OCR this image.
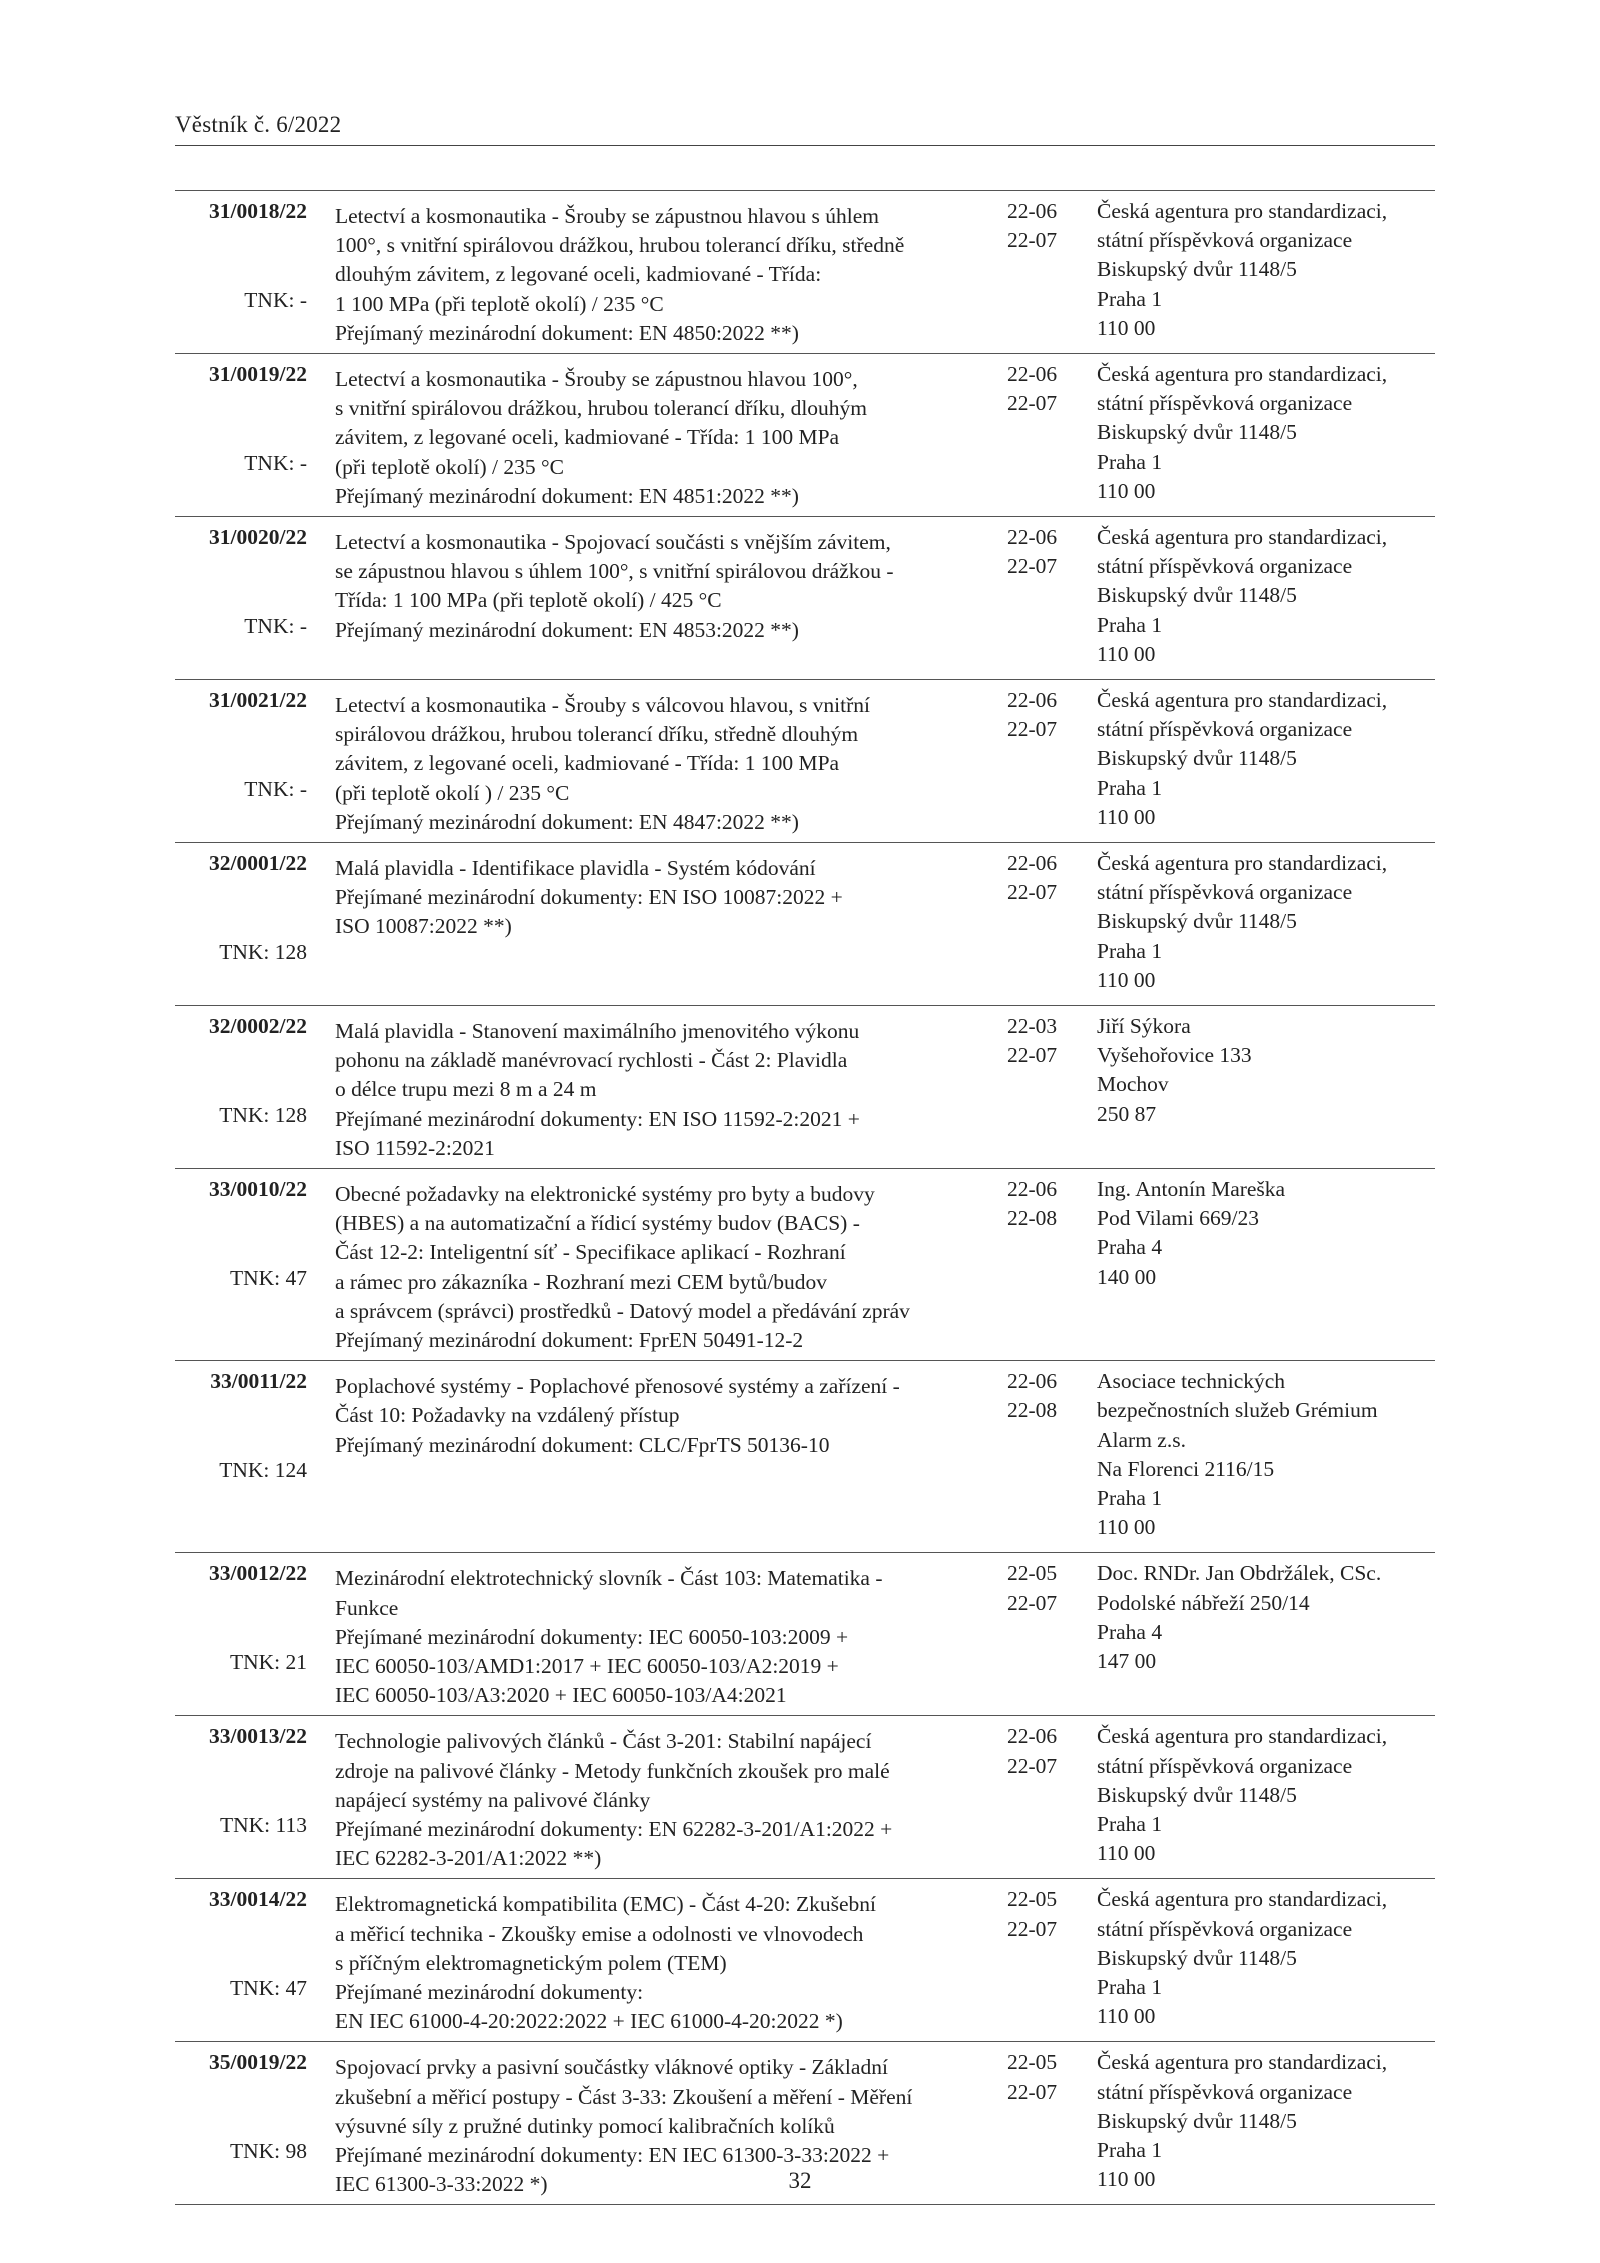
Věstník č. 6/2022
31/0018/22
TNK: -
Letectví a kosmonautika - Šrouby se zápustnou hlavou s úhlem
100°, s vnitřní spirálovou drážkou, hrubou tolerancí dříku, středně
dlouhým závitem, z legované oceli, kadmiované - Třída:
1 100 MPa (při teplotě okolí) / 235 °C
Přejímaný mezinárodní dokument: EN 4850:2022 **)
22-06
22-07
Česká agentura pro standardizaci,
státní příspěvková organizace
Biskupský dvůr 1148/5
Praha 1
110 00
31/0019/22
TNK: -
Letectví a kosmonautika - Šrouby se zápustnou hlavou 100°,
s vnitřní spirálovou drážkou, hrubou tolerancí dříku, dlouhým
závitem, z legované oceli, kadmiované - Třída: 1 100 MPa
(při teplotě okolí) / 235 °C
Přejímaný mezinárodní dokument: EN 4851:2022 **)
22-06
22-07
Česká agentura pro standardizaci,
státní příspěvková organizace
Biskupský dvůr 1148/5
Praha 1
110 00
31/0020/22
TNK: -
Letectví a kosmonautika - Spojovací součásti s vnějším závitem,
se zápustnou hlavou s úhlem 100°, s vnitřní spirálovou drážkou -
Třída: 1 100 MPa (při teplotě okolí) / 425 °C
Přejímaný mezinárodní dokument: EN 4853:2022 **)
22-06
22-07
Česká agentura pro standardizaci,
státní příspěvková organizace
Biskupský dvůr 1148/5
Praha 1
110 00
31/0021/22
TNK: -
Letectví a kosmonautika - Šrouby s válcovou hlavou, s vnitřní
spirálovou drážkou, hrubou tolerancí dříku, středně dlouhým
závitem, z legované oceli, kadmiované - Třída: 1 100 MPa
(při teplotě okolí ) / 235 °C
Přejímaný mezinárodní dokument: EN 4847:2022 **)
22-06
22-07
Česká agentura pro standardizaci,
státní příspěvková organizace
Biskupský dvůr 1148/5
Praha 1
110 00
32/0001/22
TNK: 128
Malá plavidla - Identifikace plavidla - Systém kódování
Přejímané mezinárodní dokumenty: EN ISO 10087:2022 +
ISO 10087:2022 **)
22-06
22-07
Česká agentura pro standardizaci,
státní příspěvková organizace
Biskupský dvůr 1148/5
Praha 1
110 00
32/0002/22
TNK: 128
Malá plavidla - Stanovení maximálního jmenovitého výkonu
pohonu na základě manévrovací rychlosti - Část 2: Plavidla
o délce trupu mezi 8 m a 24 m
Přejímané mezinárodní dokumenty: EN ISO 11592-2:2021 +
ISO 11592-2:2021
22-03
22-07
Jiří Sýkora
Vyšehořovice 133
Mochov
250 87
33/0010/22
TNK: 47
Obecné požadavky na elektronické systémy pro byty a budovy
(HBES) a na automatizační a řídicí systémy budov (BACS) -
Část 12-2: Inteligentní síť - Specifikace aplikací - Rozhraní
a rámec pro zákazníka - Rozhraní mezi CEM bytů/budov
a správcem (správci) prostředků - Datový model a předávání zpráv
Přejímaný mezinárodní dokument: FprEN 50491-12-2
22-06
22-08
Ing. Antonín Mareška
Pod Vilami 669/23
Praha 4
140 00
33/0011/22
TNK: 124
Poplachové systémy - Poplachové přenosové systémy a zařízení -
Část 10: Požadavky na vzdálený přístup
Přejímaný mezinárodní dokument: CLC/FprTS 50136-10
22-06
22-08
Asociace technických
bezpečnostních služeb Grémium
Alarm z.s.
Na Florenci 2116/15
Praha 1
110 00
33/0012/22
TNK: 21
Mezinárodní elektrotechnický slovník - Část 103: Matematika -
Funkce
Přejímané mezinárodní dokumenty: IEC 60050-103:2009 +
IEC 60050-103/AMD1:2017 + IEC 60050-103/A2:2019 +
IEC 60050-103/A3:2020 + IEC 60050-103/A4:2021
22-05
22-07
Doc. RNDr. Jan Obdržálek, CSc.
Podolské nábřeží 250/14
Praha 4
147 00
33/0013/22
TNK: 113
Technologie palivových článků - Část 3-201: Stabilní napájecí
zdroje na palivové články - Metody funkčních zkoušek pro malé
napájecí systémy na palivové články
Přejímané mezinárodní dokumenty: EN 62282-3-201/A1:2022 +
IEC 62282-3-201/A1:2022 **)
22-06
22-07
Česká agentura pro standardizaci,
státní příspěvková organizace
Biskupský dvůr 1148/5
Praha 1
110 00
33/0014/22
TNK: 47
Elektromagnetická kompatibilita (EMC) - Část 4-20: Zkušební
a měřicí technika - Zkoušky emise a odolnosti ve vlnovodech
s příčným elektromagnetickým polem (TEM)
Přejímané mezinárodní dokumenty:
EN IEC 61000-4-20:2022:2022 + IEC 61000-4-20:2022 *)
22-05
22-07
Česká agentura pro standardizaci,
státní příspěvková organizace
Biskupský dvůr 1148/5
Praha 1
110 00
35/0019/22
TNK: 98
Spojovací prvky a pasivní součástky vláknové optiky - Základní
zkušební a měřicí postupy - Část 3-33: Zkoušení a měření - Měření
výsuvné síly z pružné dutinky pomocí kalibračních kolíků
Přejímané mezinárodní dokumenty: EN IEC 61300-3-33:2022 +
IEC 61300-3-33:2022 *)
22-05
22-07
Česká agentura pro standardizaci,
státní příspěvková organizace
Biskupský dvůr 1148/5
Praha 1
110 00
32
